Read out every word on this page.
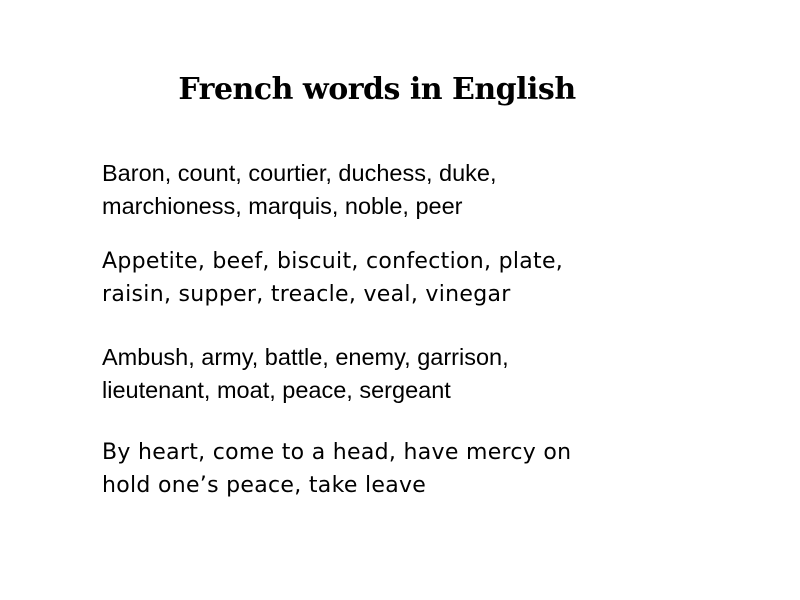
French words in English
Baron, count, courtier, duchess, duke,
marchioness, marquis, noble, peer
Appetite, beef, biscuit, confection, plate,
raisin, supper, treacle, veal, vinegar
Ambush, army, battle, enemy, garrison,
lieutenant, moat, peace, sergeant
By heart, come to a head, have mercy on
hold one’s peace, take leave
